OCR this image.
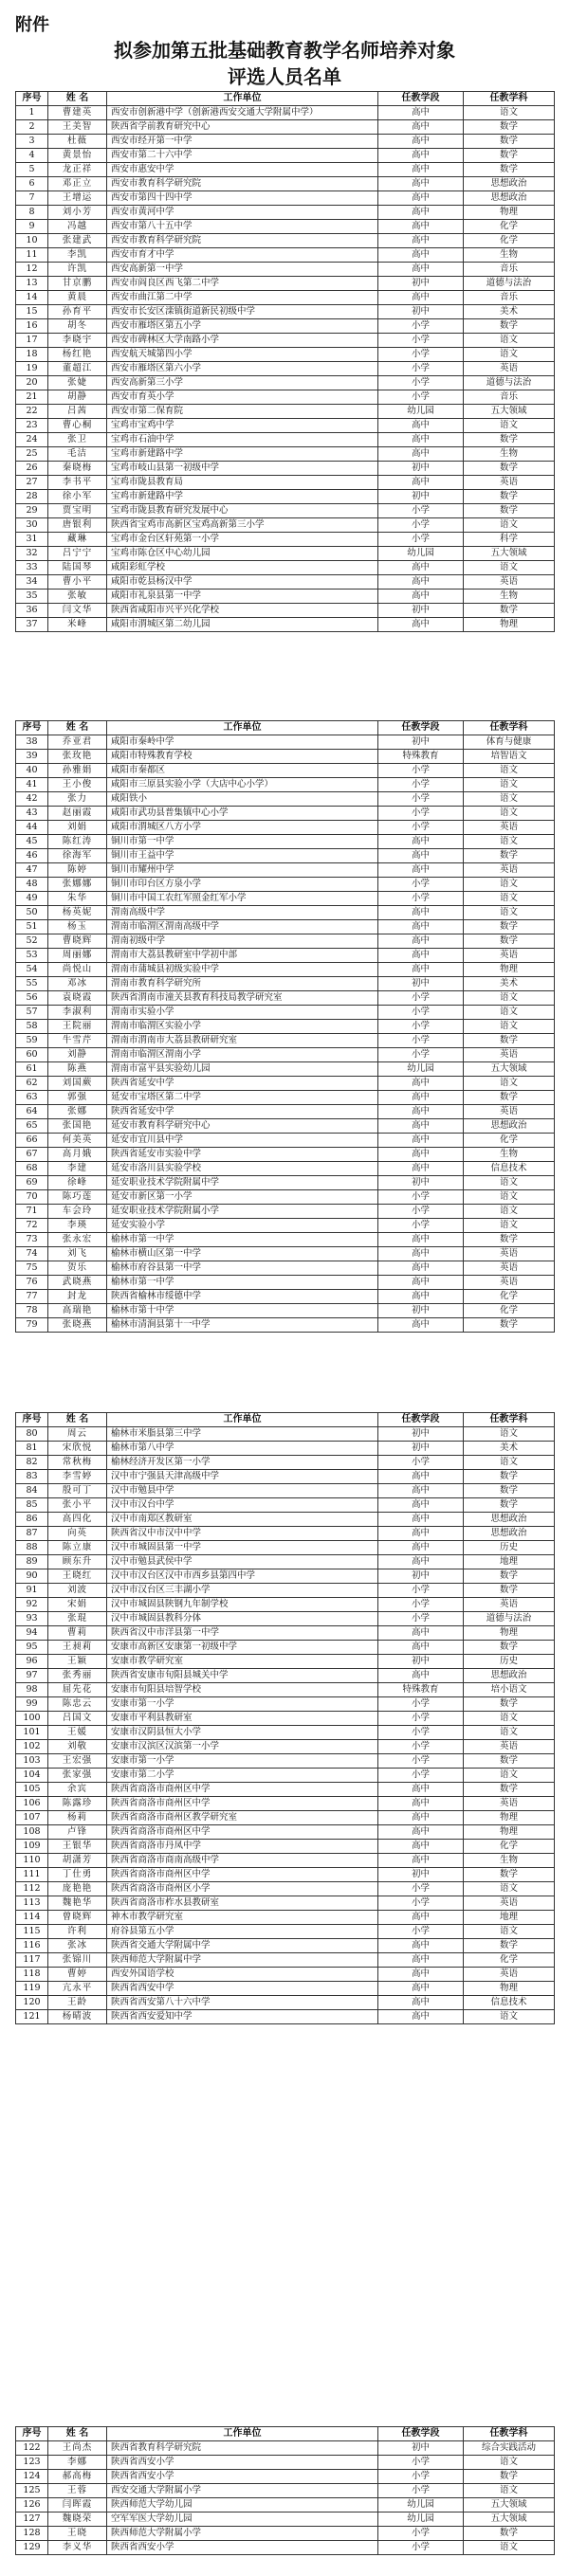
附件
拟参加第五批基础教育教学名师培养对象
评选人员名单
序号	姓 名	工作单位	任教学段	任教学科
1	曹建英	西安市创新港中学（创新港西安交通大学附属中学）	高中	语文
2	王美智	陕西省学前教育研究中心	高中	数学
3	杜薇	西安市经开第一中学	高中	数学
4	黄景怡	西安市第二十六中学	高中	数学
5	龙正祥	西安市惠安中学	高中	数学
6	邓正立	西安市教育科学研究院	高中	思想政治
7	王增运	西安市第四十四中学	高中	思想政治
8	刘小芳	西安市黄河中学	高中	物理
9	冯越	西安市第八十五中学	高中	化学
10	张建武	西安市教育科学研究院	高中	化学
11	李凯	西安市育才中学	高中	生物
12	许凯	西安高新第一中学	高中	音乐
13	甘京鹏	西安市阎良区西飞第二中学	初中	道德与法治
14	黄晨	西安市曲江第二中学	高中	音乐
15	孙育平	西安市长安区滦镇街道新民初级中学	初中	美术
16	胡冬	西安市雁塔区第五小学	小学	数学
17	李晓宇	西安市碑林区大学南路小学	小学	语文
18	杨红艳	西安航天城第四小学	小学	语文
19	董超江	西安市雁塔区第六小学	小学	英语
20	张婕	西安高新第三小学	小学	道德与法治
21	胡静	西安市育英小学	小学	音乐
22	吕茜	西安市第二保育院	幼儿园	五大领域
23	曹心桐	宝鸡市宝鸡中学	高中	语文
24	张卫	宝鸡市石油中学	高中	数学
25	毛洁	宝鸡市新建路中学	高中	生物
26	秦晓梅	宝鸡市岐山县第一初级中学	初中	数学
27	李书平	宝鸡市陇县教育局	高中	英语
28	徐小军	宝鸡市新建路中学	初中	数学
29	贾宝明	宝鸡市陇县教育研究发展中心	小学	数学
30	唐银利	陕西省宝鸡市高新区宝鸡高新第三小学	小学	语文
31	藏琳	宝鸡市金台区轩苑第一小学	小学	科学
32	吕宁宁	宝鸡市陈仓区中心幼儿园	幼儿园	五大领域
33	陆国琴	咸阳彩虹学校	高中	语文
34	曹小平	咸阳市乾县杨汉中学	高中	英语
35	张敏	咸阳市礼泉县第一中学	高中	生物
36	闫文华	陕西省咸阳市兴平兴化学校	初中	数学
37	米峰	咸阳市渭城区第二幼儿园	高中	物理
序号	姓 名	工作单位	任教学段	任教学科
38	乔亚君	咸阳市秦岭中学	初中	体育与健康
39	张玫艳	咸阳市特殊教育学校	特殊教育	培智语文
40	孙雅娟	咸阳市秦都区	小学	语文
41	王小俊	咸阳市三原县实验小学（大店中心小学）	小学	语文
42	张力	咸阳铁小	小学	语文
43	赵丽霞	咸阳市武功县普集镇中心小学	小学	语文
44	刘娟	咸阳市渭城区八方小学	小学	英语
45	陈红涛	铜川市第一中学	高中	语文
46	徐海军	铜川市王益中学	高中	数学
47	陈婷	铜川市耀州中学	高中	英语
48	张娜娜	铜川市印台区方泉小学	小学	语文
49	朱华	铜川市中国工农红军照金红军小学	小学	语文
50	杨英妮	渭南高级中学	高中	语文
51	杨玉	渭南市临渭区渭南高级中学	高中	数学
52	曹晓辉	渭南初级中学	高中	数学
53	周丽娜	渭南市大荔县教研室中学初中部	高中	英语
54	尚悦山	渭南市蒲城县初级实验中学	高中	物理
55	邓冰	渭南市教育科学研究所	初中	美术
56	袁晓霞	陕西省渭南市潼关县教育科技局教学研究室	小学	语文
57	李淑利	渭南市实验小学	小学	语文
58	王院丽	渭南市临渭区实验小学	小学	语文
59	牛雪芹	渭南市渭南市大荔县教研研究室	小学	数学
60	刘静	渭南市临渭区渭南小学	小学	英语
61	陈燕	渭南市富平县实验幼儿园	幼儿园	五大领域
62	刘国蕨	陕西省延安中学	高中	语文
63	郭强	延安市宝塔区第二中学	高中	数学
64	张娜	陕西省延安中学	高中	英语
65	张国艳	延安市教育科学研究中心	高中	思想政治
66	何美英	延安市宜川县中学	高中	化学
67	高月娥	陕西省延安市实验中学	高中	生物
68	李建	延安市洛川县实验学校	高中	信息技术
69	徐峰	延安职业技术学院附属中学	初中	语文
70	陈巧莲	延安市新区第一小学	小学	语文
71	车会玲	延安职业技术学院附属小学	小学	语文
72	李瑛	延安实验小学	小学	语文
73	张永宏	榆林市第一中学	高中	数学
74	刘飞	榆林市横山区第一中学	高中	英语
75	贺乐	榆林市府谷县第一中学	高中	英语
76	武晓燕	榆林市第一中学	高中	英语
77	封龙	陕西省榆林市绥德中学	高中	化学
78	高瑞艳	榆林市第十中学	初中	化学
79	张晓燕	榆林市清涧县第十一中学	高中	数学
序号	姓 名	工作单位	任教学段	任教学科
80	周云	榆林市米脂县第三中学	初中	语文
81	宋欣悦	榆林市第八中学	初中	美术
82	常秋梅	榆林经济开发区第一小学	小学	语文
83	李雪婷	汉中市宁强县天津高级中学	高中	数学
84	殷可丁	汉中市勉县中学	高中	数学
85	张小平	汉中市汉台中学	高中	数学
86	高四化	汉中市南郑区教研室	高中	思想政治
87	向英	陕西省汉中市汉中中学	高中	思想政治
88	陈立康	汉中市城固县第一中学	高中	历史
89	顾东升	汉中市勉县武侯中学	高中	地理
90	王晓红	汉中市汉台区汉中市西乡县第四中学	初中	数学
91	刘波	汉中市汉台区三丰湖小学	小学	数学
92	宋娟	汉中市城固县陕钢九年制学校	小学	英语
93	张琨	汉中市城固县教科分体	小学	道德与法治
94	曹莉	陕西省汉中市洋县第一中学	高中	物理
95	王昶莉	安康市高新区安康第一初级中学	高中	数学
96	王颖	安康市教学研究室	初中	历史
97	张秀丽	陕西省安康市旬阳县城关中学	高中	思想政治
98	屈先花	安康市旬阳县培智学校	特殊教育	培小语文
99	陈忠云	安康市第一小学	小学	数学
100	吕国文	安康市平利县教研室	小学	语文
101	王媛	安康市汉阴县恒大小学	小学	语文
102	刘敬	安康市汉滨区汉滨第一小学	小学	英语
103	王宏强	安康市第一小学	小学	数学
104	张家强	安康市第二小学	小学	语文
105	余宾	陕西省商洛市商州区中学	高中	数学
106	陈露珍	陕西省商洛市商州区中学	高中	英语
107	杨莉	陕西省商洛市商州区教学研究室	高中	物理
108	卢锋	陕西省商洛市商州区中学	高中	物理
109	王银华	陕西省商洛市丹凤中学	高中	化学
110	胡潇芳	陕西省商洛市商南高级中学	高中	生物
111	丁仕勇	陕西省商洛市商州区中学	初中	数学
112	庞艳艳	陕西省商洛市商州区小学	小学	语文
113	魏艳华	陕西省商洛市柞水县教研室	小学	英语
114	曾晓辉	神木市教学研究室	高中	地理
115	许利	府谷县第五小学	小学	语文
116	张冰	陕西省交通大学附属中学	高中	数学
117	张锦川	陕西师范大学附属中学	高中	化学
118	曹婷	西安外国语学校	高中	英语
119	亢永平	陕西省西安中学	高中	物理
120	王龄	陕西省西安第八十六中学	高中	信息技术
121	杨晴波	陕西省西安爱知中学	高中	语文
序号	姓 名	工作单位	任教学段	任教学科
122	王尚杰	陕西省教育科学研究院	初中	综合实践活动
123	李娜	陕西省西安小学	小学	语文
124	郝高梅	陕西省西安小学	小学	数学
125	王蓉	西安交通大学附属小学	小学	语文
126	闫晖霞	陕西师范大学幼儿园	幼儿园	五大领域
127	魏晓荣	空军军医大学幼儿园	幼儿园	五大领域
128	王晓	陕西师范大学附属小学	小学	数学
129	李义华	陕西省西安小学	小学	语文
